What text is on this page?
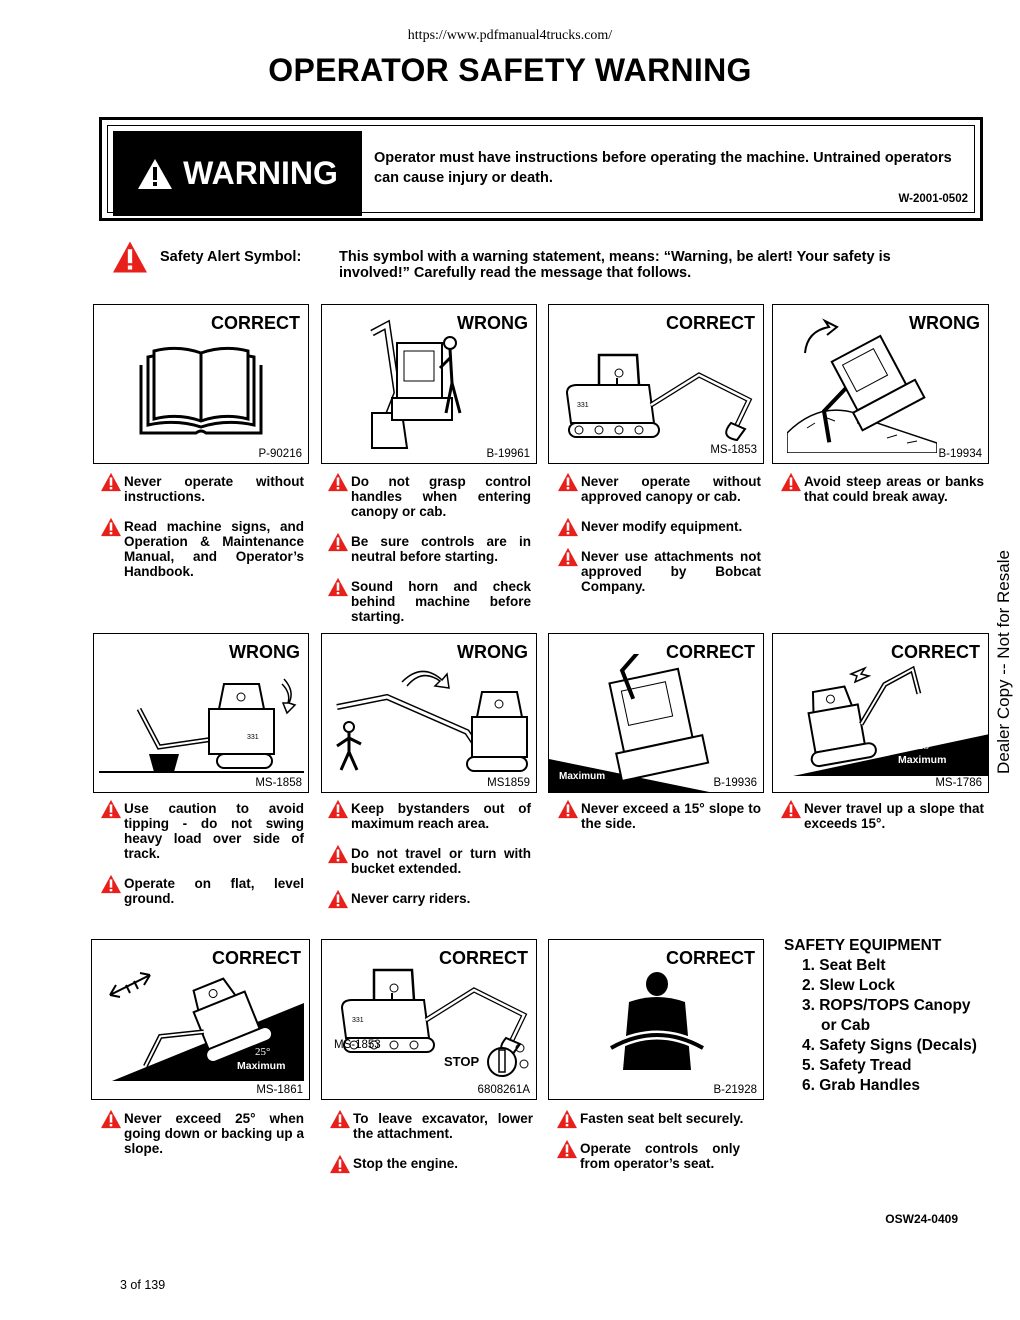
https://www.pdfmanual4trucks.com/
OPERATOR SAFETY WARNING
WARNING Operator must have instructions before operating the machine. Untrained operators can cause injury or death.
W-2001-0502
Safety Alert Symbol:	This symbol with a warning statement, means: “Warning, be alert! Your safety is involved!” Carefully read the message that follows.
CORRECT
P-90216
WRONG
B-19961
CORRECT
MS-1853
WRONG
B-19934
Never operate without instructions.
Read machine signs, and Operation & Maintenance Manual, and Operator’s Handbook.
Do not grasp control handles when entering canopy or cab.
Be sure controls are in neutral before starting.
Sound horn and check behind machine before starting.
Never operate without approved canopy or cab.
Never modify equipment.
Never use attachments not approved by Bobcat Company.
Avoid steep areas or banks that could break away.
WRONG
331
MS-1858
WRONG
MS1859
CORRECT
15°
Maximum
B-19936
CORRECT
15°
Maximum
MS-1786
Use caution to avoid tipping - do not swing heavy load over side of track.
Operate on flat, level ground.
Keep bystanders out of maximum reach area.
Do not travel or turn with bucket extended.
Never carry riders.
Never exceed a 15° slope to the side.
Never travel up a slope that exceeds 15°.
CORRECT
25°
Maximum
MS-1861
CORRECT
MS-1853
STOP
6808261A
CORRECT
B-21928
Never exceed 25° when going down or backing up a slope.
To leave excavator, lower the attachment.
Stop the engine.
Fasten seat belt securely.
Operate controls only from operator’s seat.
SAFETY EQUIPMENT
1. Seat Belt
2. Slew Lock
3. ROPS/TOPS Canopy
or Cab
4. Safety Signs (Decals)
5. Safety Tread
6. Grab Handles
Dealer Copy -- Not for Resale
OSW24-0409
3 of 139
